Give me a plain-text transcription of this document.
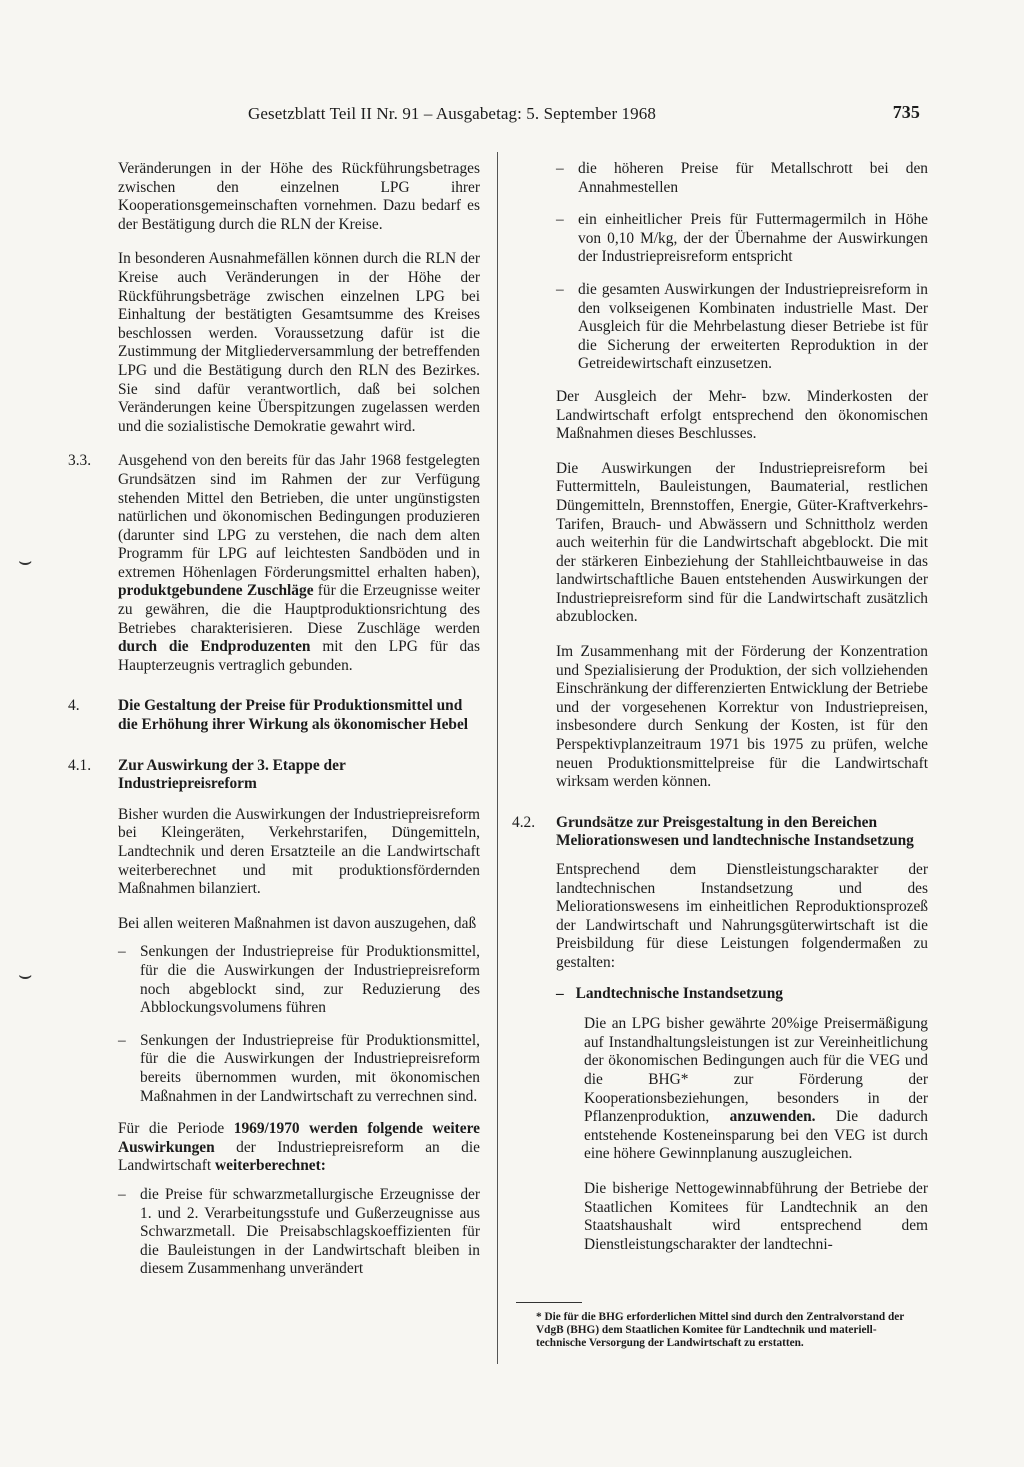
Gesetzblatt Teil II Nr. 91 – Ausgabetag: 5. September 1968	735
⌣
⌣

Veränderungen in der Höhe des Rückführungsbetrages zwischen den einzelnen LPG ihrer Kooperationsgemeinschaften vornehmen. Dazu bedarf es der Bestätigung durch die RLN der Kreise.

In besonderen Ausnahmefällen können durch die RLN der Kreise auch Veränderungen in der Höhe der Rückführungsbeträge zwischen einzelnen LPG bei Einhaltung der bestätigten Gesamtsumme des Kreises beschlossen werden. Voraussetzung dafür ist die Zustimmung der Mitgliederversammlung der betreffenden LPG und die Bestätigung durch den RLN des Bezirkes. Sie sind dafür verantwortlich, daß bei solchen Veränderungen keine Überspitzungen zugelassen werden und die sozialistische Demokratie gewahrt wird.

3.3. Ausgehend von den bereits für das Jahr 1968 festgelegten Grundsätzen sind im Rahmen der zur Verfügung stehenden Mittel den Betrieben, die unter ungünstigsten natürlichen und ökonomischen Bedingungen produzieren (darunter sind LPG zu verstehen, die nach dem alten Programm für LPG auf leichtesten Sandböden und in extremen Höhenlagen Förderungsmittel erhalten haben), produktgebundene Zuschläge für die Erzeugnisse weiter zu gewähren, die die Hauptproduktionsrichtung des Betriebes charakterisieren. Diese Zuschläge werden durch die Endproduzenten mit den LPG für das Haupterzeugnis vertraglich gebunden.

4. Die Gestaltung der Preise für Produktionsmittel und die Erhöhung ihrer Wirkung als ökonomischer Hebel

4.1. Zur Auswirkung der 3. Etappe der Industriepreisreform

Bisher wurden die Auswirkungen der Industriepreisreform bei Kleingeräten, Verkehrstarifen, Düngemitteln, Landtechnik und deren Ersatzteile an die Landwirtschaft weiterberechnet und mit produktionsfördernden Maßnahmen bilanziert.

Bei allen weiteren Maßnahmen ist davon auszugehen, daß

– Senkungen der Industriepreise für Produktionsmittel, für die die Auswirkungen der Industriepreisreform noch abgeblockt sind, zur Reduzierung des Abblockungsvolumens führen
– Senkungen der Industriepreise für Produktionsmittel, für die die Auswirkungen der Industriepreisreform bereits übernommen wurden, mit ökonomischen Maßnahmen in der Landwirtschaft zu verrechnen sind.

Für die Periode 1969/1970 werden folgende weitere Auswirkungen der Industriepreisreform an die Landwirtschaft weiterberechnet:

– die Preise für schwarzmetallurgische Erzeugnisse der 1. und 2. Verarbeitungsstufe und Gußerzeugnisse aus Schwarzmetall. Die Preisabschlagskoeffizienten für die Bauleistungen in der Landwirtschaft bleiben in diesem Zusammenhang unverändert
– die höheren Preise für Metallschrott bei den Annahmestellen
– ein einheitlicher Preis für Futtermagermilch in Höhe von 0,10 M/kg, der der Übernahme der Auswirkungen der Industriepreisreform entspricht
– die gesamten Auswirkungen der Industriepreisreform in den volkseigenen Kombinaten industrielle Mast. Der Ausgleich für die Mehrbelastung dieser Betriebe ist für die Sicherung der erweiterten Reproduktion in der Getreidewirtschaft einzusetzen.

Der Ausgleich der Mehr- bzw. Minderkosten der Landwirtschaft erfolgt entsprechend den ökonomischen Maßnahmen dieses Beschlusses.

Die Auswirkungen der Industriepreisreform bei Futtermitteln, Bauleistungen, Baumaterial, restlichen Düngemitteln, Brennstoffen, Energie, Güter-Kraftverkehrs-Tarifen, Brauch- und Abwässern und Schnittholz werden auch weiterhin für die Landwirtschaft abgeblockt. Die mit der stärkeren Einbeziehung der Stahlleichtbauweise in das landwirtschaftliche Bauen entstehenden Auswirkungen der Industriepreisreform sind für die Landwirtschaft zusätzlich abzublocken.

Im Zusammenhang mit der Förderung der Konzentration und Spezialisierung der Produktion, der sich vollziehenden Einschränkung der differenzierten Entwicklung der Betriebe und der vorgesehenen Korrektur von Industriepreisen, insbesondere durch Senkung der Kosten, ist für den Perspektivplanzeitraum 1971 bis 1975 zu prüfen, welche neuen Produktionsmittelpreise für die Landwirtschaft wirksam werden können.

4.2. Grundsätze zur Preisgestaltung in den Bereichen Meliorationswesen und landtechnische Instandsetzung

Entsprechend dem Dienstleistungscharakter der landtechnischen Instandsetzung und des Meliorationswesens im einheitlichen Reproduktionsprozeß der Landwirtschaft und Nahrungsgüterwirtschaft ist die Preisbildung für diese Leistungen folgendermaßen zu gestalten:

– Landtechnische Instandsetzung

Die an LPG bisher gewährte 20%ige Preisermäßigung auf Instandhaltungsleistungen ist zur Vereinheitlichung der ökonomischen Bedingungen auch für die VEG und die BHG* zur Förderung der Kooperationsbeziehungen, besonders in der Pflanzenproduktion, anzuwenden. Die dadurch entstehende Kosteneinsparung bei den VEG ist durch eine höhere Gewinnplanung auszugleichen.

Die bisherige Nettogewinnabführung der Betriebe der Staatlichen Komitees für Landtechnik an den Staatshaushalt wird entsprechend dem Dienstleistungscharakter der landtechni-

* Die für die BHG erforderlichen Mittel sind durch den Zentralvorstand der VdgB (BHG) dem Staatlichen Komitee für Landtechnik und materiell-technische Versorgung der Landwirtschaft zu erstatten.
